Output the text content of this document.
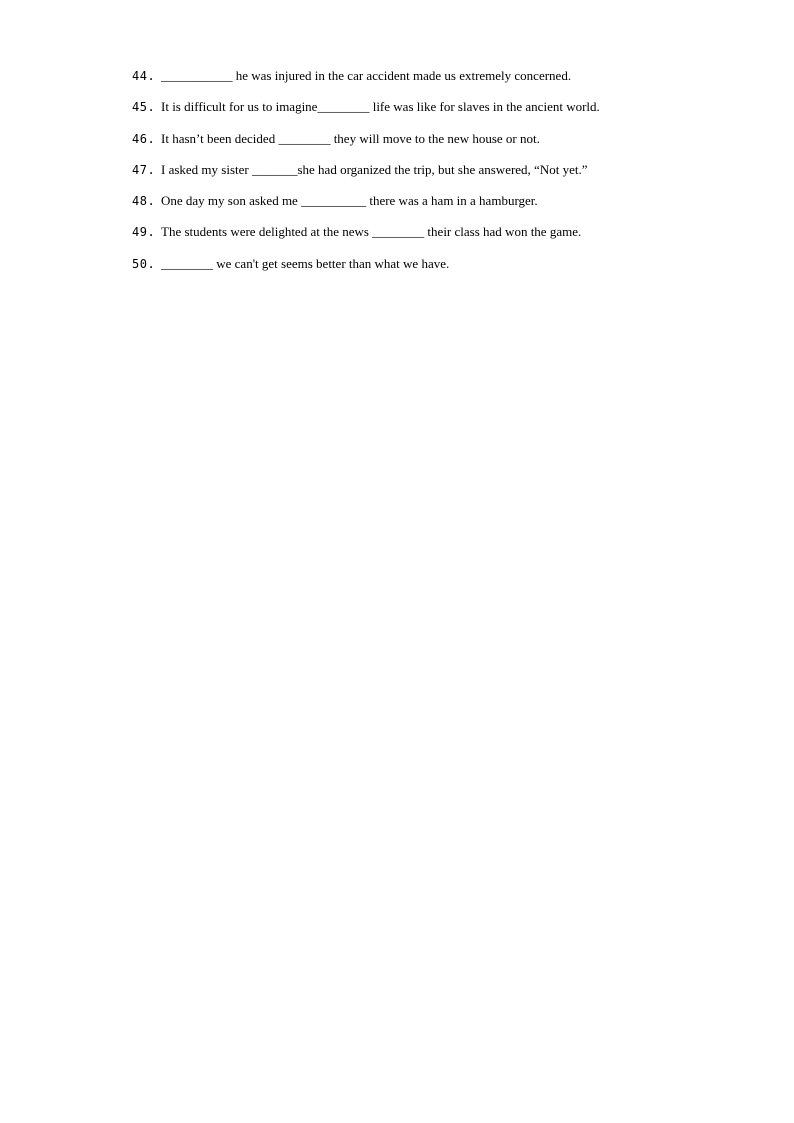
44. ___________ he was injured in the car accident made us extremely concerned.
45. It is difficult for us to imagine________ life was like for slaves in the ancient world.
46. It hasn’t been decided ________ they will move to the new house or not.
47. I asked my sister _______she had organized the trip, but she answered, “Not yet.”
48. One day my son asked me __________ there was a ham in a hamburger.
49. The students were delighted at the news ________ their class had won the game.
50. ________ we can't get seems better than what we have.
